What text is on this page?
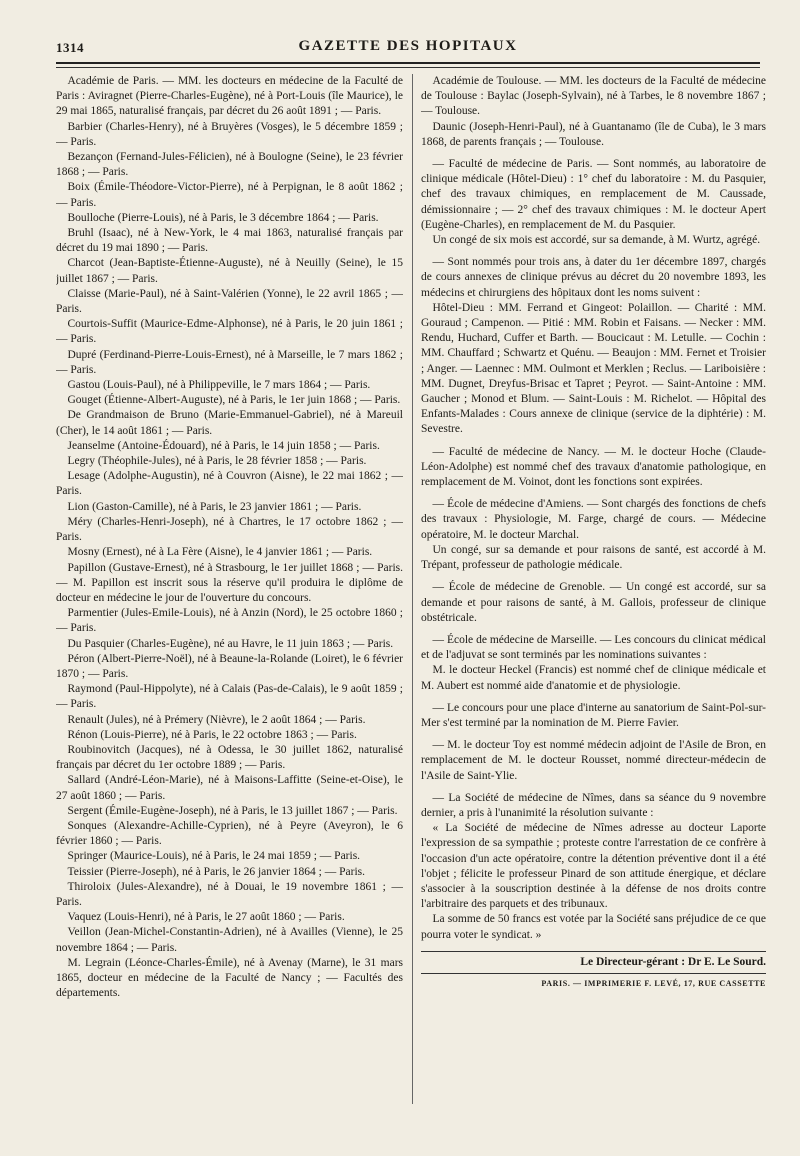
1314	GAZETTE DES HOPITAUX

Académie de Paris. — MM. les docteurs en médecine de la Faculté de Paris : Aviragnet (Pierre-Charles-Eugène), né à Port-Louis (île Maurice), le 29 mai 1865, naturalisé français, par décret du 26 août 1891 ; — Paris.

Barbier (Charles-Henry), né à Bruyères (Vosges), le 5 décembre 1859 ; — Paris.

Bezançon (Fernand-Jules-Félicien), né à Boulogne (Seine), le 23 février 1868 ; — Paris.

Boix (Émile-Théodore-Victor-Pierre), né à Perpignan, le 8 août 1862 ; — Paris.

Boulloche (Pierre-Louis), né à Paris, le 3 décembre 1864 ; — Paris.

Bruhl (Isaac), né à New-York, le 4 mai 1863, naturalisé français par décret du 19 mai 1890 ; — Paris.

Charcot (Jean-Baptiste-Étienne-Auguste), né à Neuilly (Seine), le 15 juillet 1867 ; — Paris.

Claisse (Marie-Paul), né à Saint-Valérien (Yonne), le 22 avril 1865 ; — Paris.

Courtois-Suffit (Maurice-Edme-Alphonse), né à Paris, le 20 juin 1861 ; — Paris.

Dupré (Ferdinand-Pierre-Louis-Ernest), né à Marseille, le 7 mars 1862 ; — Paris.

Gastou (Louis-Paul), né à Philippeville, le 7 mars 1864 ; — Paris.

Gouget (Étienne-Albert-Auguste), né à Paris, le 1er juin 1868 ; — Paris.

De Grandmaison de Bruno (Marie-Emmanuel-Gabriel), né à Mareuil (Cher), le 14 août 1861 ; — Paris.

Jeanselme (Antoine-Édouard), né à Paris, le 14 juin 1858 ; — Paris.

Legry (Théophile-Jules), né à Paris, le 28 février 1858 ; — Paris.

Lesage (Adolphe-Augustin), né à Couvron (Aisne), le 22 mai 1862 ; — Paris.

Lion (Gaston-Camille), né à Paris, le 23 janvier 1861 ; — Paris.

Méry (Charles-Henri-Joseph), né à Chartres, le 17 octobre 1862 ; — Paris.

Mosny (Ernest), né à La Fère (Aisne), le 4 janvier 1861 ; — Paris.

Papillon (Gustave-Ernest), né à Strasbourg, le 1er juillet 1868 ; — Paris. — M. Papillon est inscrit sous la réserve qu'il produira le diplôme de docteur en médecine le jour de l'ouverture du concours.

Parmentier (Jules-Emile-Louis), né à Anzin (Nord), le 25 octobre 1860 ; — Paris.

Du Pasquier (Charles-Eugène), né au Havre, le 11 juin 1863 ; — Paris.

Péron (Albert-Pierre-Noël), né à Beaune-la-Rolande (Loiret), le 6 février 1870 ; — Paris.

Raymond (Paul-Hippolyte), né à Calais (Pas-de-Calais), le 9 août 1859 ; — Paris.

Renault (Jules), né à Prémery (Nièvre), le 2 août 1864 ; — Paris.

Rénon (Louis-Pierre), né à Paris, le 22 octobre 1863 ; — Paris.

Roubinovitch (Jacques), né à Odessa, le 30 juillet 1862, naturalisé français par décret du 1er octobre 1889 ; — Paris.

Sallard (André-Léon-Marie), né à Maisons-Laffitte (Seine-et-Oise), le 27 août 1860 ; — Paris.

Sergent (Émile-Eugène-Joseph), né à Paris, le 13 juillet 1867 ; — Paris.

Sonques (Alexandre-Achille-Cyprien), né à Peyre (Aveyron), le 6 février 1860 ; — Paris.

Springer (Maurice-Louis), né à Paris, le 24 mai 1859 ; — Paris.

Teissier (Pierre-Joseph), né à Paris, le 26 janvier 1864 ; — Paris.

Thiroloix (Jules-Alexandre), né à Douai, le 19 novembre 1861 ; — Paris.

Vaquez (Louis-Henri), né à Paris, le 27 août 1860 ; — Paris.

Veillon (Jean-Michel-Constantin-Adrien), né à Availles (Vienne), le 25 novembre 1864 ; — Paris.

M. Legrain (Léonce-Charles-Émile), né à Avenay (Marne), le 31 mars 1865, docteur en médecine de la Faculté de Nancy ; — Facultés des départements.

Académie de Toulouse. — MM. les docteurs de la Faculté de médecine de Toulouse : Baylac (Joseph-Sylvain), né à Tarbes, le 8 novembre 1867 ; — Toulouse.

Daunic (Joseph-Henri-Paul), né à Guantanamo (île de Cuba), le 3 mars 1868, de parents français ; — Toulouse.

— Faculté de médecine de Paris. — Sont nommés, au laboratoire de clinique médicale (Hôtel-Dieu) : 1° chef du laboratoire : M. du Pasquier, chef des travaux chimiques, en remplacement de M. Caussade, démissionnaire ; — 2° chef des travaux chimiques : M. le docteur Apert (Eugène-Charles), en remplacement de M. du Pasquier.

Un congé de six mois est accordé, sur sa demande, à M. Wurtz, agrégé.

— Sont nommés pour trois ans, à dater du 1er décembre 1897, chargés de cours annexes de clinique prévus au décret du 20 novembre 1893, les médecins et chirurgiens des hôpitaux dont les noms suivent :

Hôtel-Dieu : MM. Ferrand et Gingeot: Polaillon. — Charité : MM. Gouraud ; Campenon. — Pitié : MM. Robin et Faisans. — Necker : MM. Rendu, Huchard, Cuffer et Barth. — Boucicaut : M. Letulle. — Cochin : MM. Chauffard ; Schwartz et Quénu. — Beaujon : MM. Fernet et Troisier ; Anger. — Laennec : MM. Oulmont et Merklen ; Reclus. — Lariboisière : MM. Dugnet, Dreyfus-Brisac et Tapret ; Peyrot. — Saint-Antoine : MM. Gaucher ; Monod et Blum. — Saint-Louis : M. Richelot. — Hôpital des Enfants-Malades : Cours annexe de clinique (service de la diphtérie) : M. Sevestre.

— Faculté de médecine de Nancy. — M. le docteur Hoche (Claude-Léon-Adolphe) est nommé chef des travaux d'anatomie pathologique, en remplacement de M. Voinot, dont les fonctions sont expirées.

— École de médecine d'Amiens. — Sont chargés des fonctions de chefs des travaux : Physiologie, M. Farge, chargé de cours. — Médecine opératoire, M. le docteur Marchal.

Un congé, sur sa demande et pour raisons de santé, est accordé à M. Trépant, professeur de pathologie médicale.

— École de médecine de Grenoble. — Un congé est accordé, sur sa demande et pour raisons de santé, à M. Gallois, professeur de clinique obstétricale.

— École de médecine de Marseille. — Les concours du clinicat médical et de l'adjuvat se sont terminés par les nominations suivantes :

M. le docteur Heckel (Francis) est nommé chef de clinique médicale et M. Aubert est nommé aide d'anatomie et de physiologie.

— Le concours pour une place d'interne au sanatorium de Saint-Pol-sur-Mer s'est terminé par la nomination de M. Pierre Favier.

— M. le docteur Toy est nommé médecin adjoint de l'Asile de Bron, en remplacement de M. le docteur Rousset, nommé directeur-médecin de l'Asile de Saint-Ylie.

— La Société de médecine de Nîmes, dans sa séance du 9 novembre dernier, a pris à l'unanimité la résolution suivante :

« La Société de médecine de Nîmes adresse au docteur Laporte l'expression de sa sympathie ; proteste contre l'arrestation de ce confrère à l'occasion d'un acte opératoire, contre la détention préventive dont il a été l'objet ; félicite le professeur Pinard de son attitude énergique, et déclare s'associer à la souscription destinée à la défense de nos droits contre l'arbitraire des parquets et des tribunaux.

La somme de 50 francs est votée par la Société sans préjudice de ce que pourra voter le syndicat. »

Le Directeur-gérant : Dr E. Le Sourd.
PARIS. — IMPRIMERIE F. LEVÉ, 17, RUE CASSETTE
